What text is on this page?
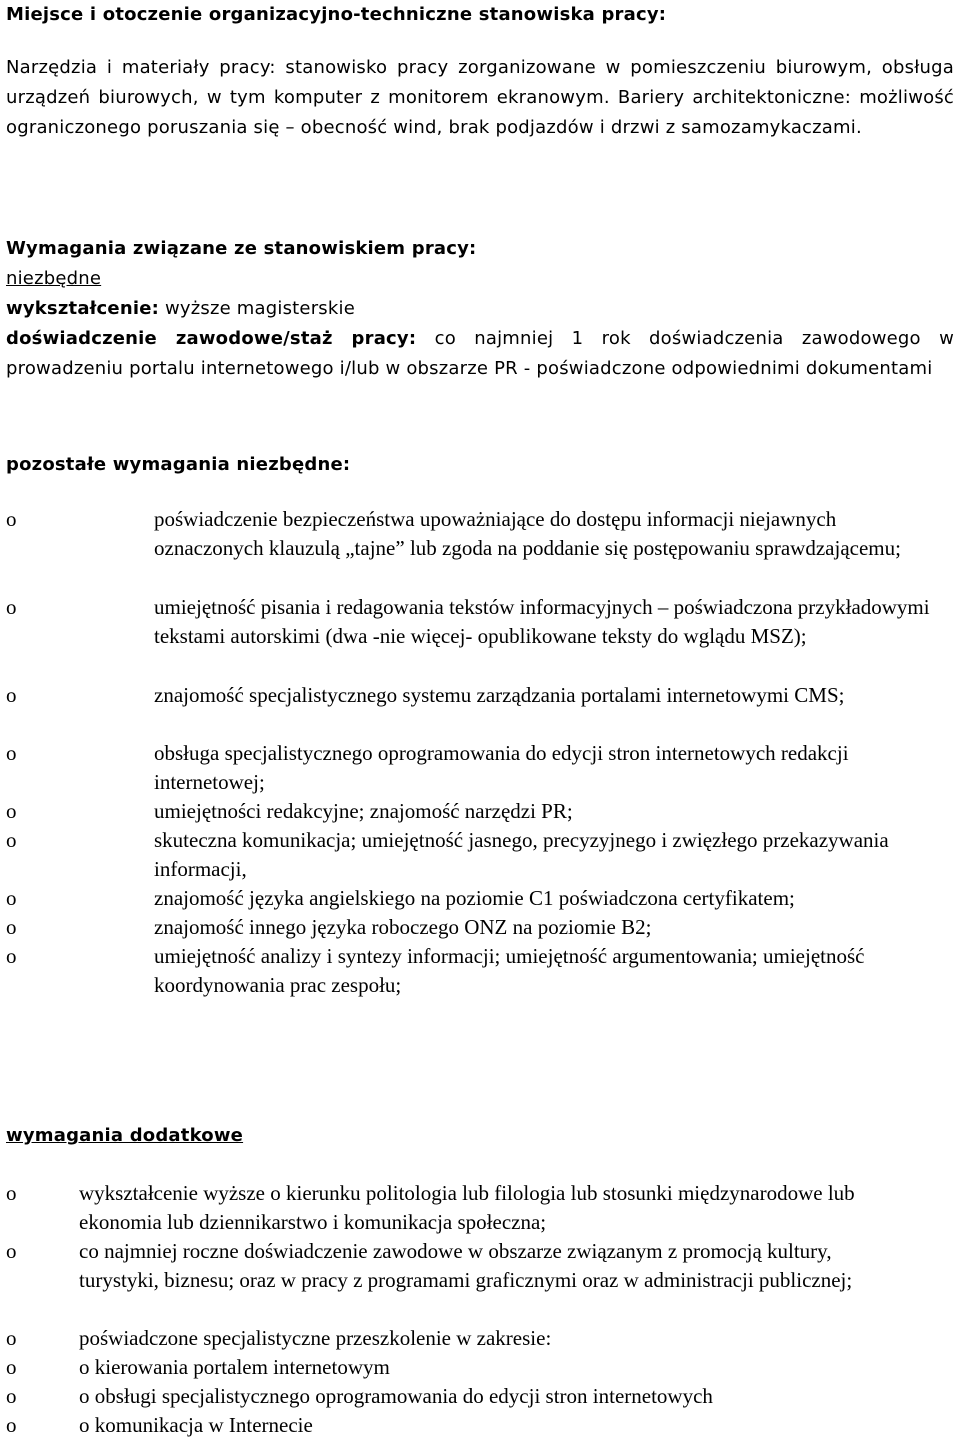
Miejsce i otoczenie organizacyjno-techniczne stanowiska pracy:

Narzędzia i materiały pracy: stanowisko pracy zorganizowane w pomieszczeniu biurowym, obsługa urządzeń biurowych, w tym komputer z monitorem ekranowym. Bariery architektoniczne: możliwość ograniczonego poruszania się – obecność wind, brak podjazdów i drzwi z samozamykaczami.

Wymagania związane ze stanowiskiem pracy:
niezbędne
wykształcenie: wyższe magisterskie

doświadczenie zawodowe/staż pracy: co najmniej 1 rok doświadczenia zawodowego w prowadzeniu portalu internetowego i/lub w obszarze PR - poświadczone odpowiednimi dokumentami

pozostałe wymagania niezbędne:
o	poświadczenie bezpieczeństwa upoważniające do dostępu informacji niejawnych oznaczonych klauzulą „tajne” lub zgoda na poddanie się postępowaniu sprawdzającemu;
o	umiejętność pisania i redagowania tekstów informacyjnych – poświadczona przykładowymi tekstami autorskimi (dwa -nie więcej- opublikowane teksty do wglądu MSZ);
o	znajomość specjalistycznego systemu zarządzania portalami internetowymi CMS;
o	obsługa specjalistycznego oprogramowania do edycji stron internetowych redakcji internetowej;
o	umiejętności redakcyjne; znajomość narzędzi PR;
o	skuteczna komunikacja; umiejętność jasnego, precyzyjnego i zwięzłego przekazywania informacji,
o	znajomość języka angielskiego na poziomie C1 poświadczona certyfikatem;
o	znajomość innego języka roboczego ONZ na poziomie B2;
o	umiejętność analizy i syntezy informacji; umiejętność argumentowania; umiejętność koordynowania prac zespołu;
wymagania dodatkowe
o	wykształcenie wyższe o kierunku politologia lub filologia lub stosunki międzynarodowe lub ekonomia lub dziennikarstwo i komunikacja społeczna;
o	co najmniej roczne doświadczenie zawodowe w obszarze związanym z promocją kultury, turystyki, biznesu; oraz w pracy z programami graficznymi oraz w administracji publicznej;
o	poświadczone specjalistyczne przeszkolenie w zakresie:
o	o kierowania portalem internetowym
o	o obsługi specjalistycznego oprogramowania do edycji stron internetowych
o	o komunikacja w Internecie
